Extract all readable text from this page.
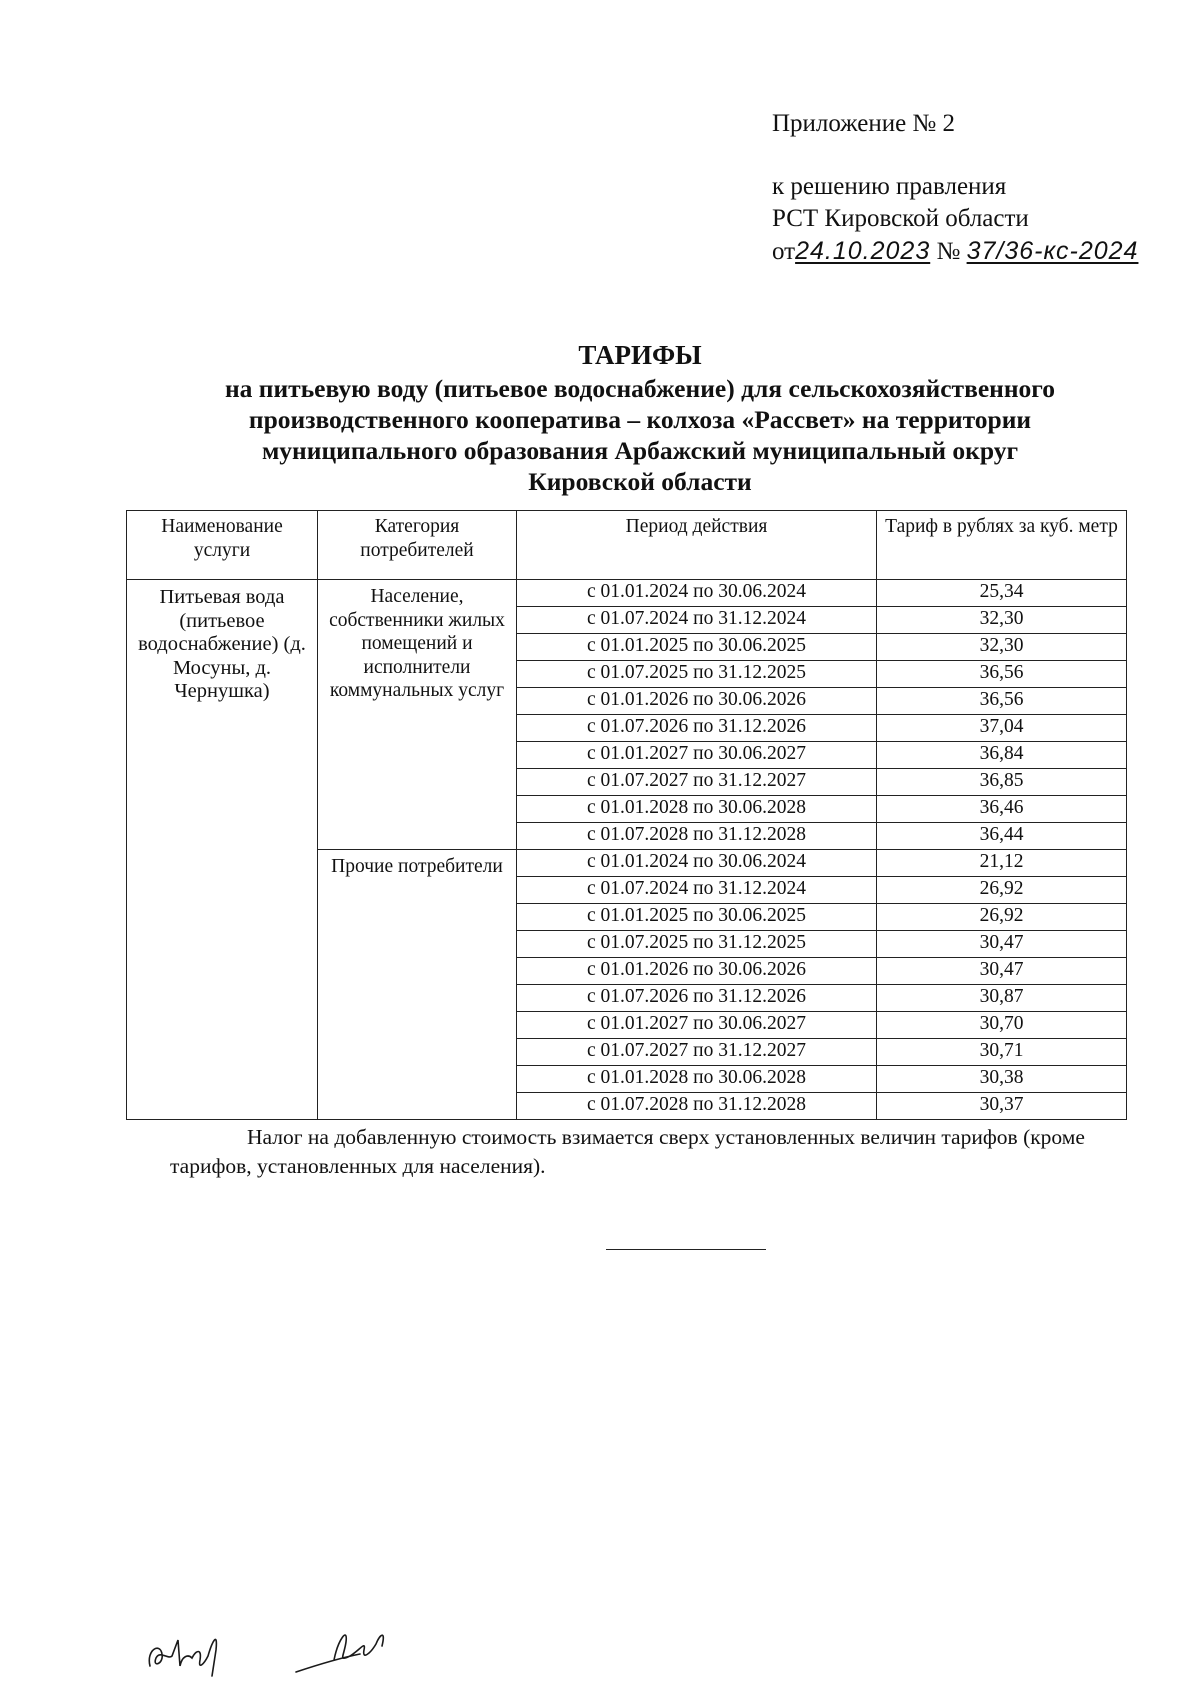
Приложение № 2
к решению правления
РСТ Кировской области
от24.10.2023 № 37/36-кс-2024
ТАРИФЫ
на питьевую воду (питьевое водоснабжение) для сельскохозяйственного
производственного кооператива – колхоза «Рассвет» на территории
муниципального образования Арбажский муниципальный округ
Кировской области
Наименование услуги	Категория потребителей	Период действия	Тариф в рублях за куб. метр
Питьевая вода (питьевое водоснабжение) (д. Мосуны, д. Чернушка)	Население, собственники жилых помещений и исполнители коммунальных услуг	с 01.01.2024 по 30.06.2024	25,34
		с 01.07.2024 по 31.12.2024	32,30
		с 01.01.2025 по 30.06.2025	32,30
		с 01.07.2025 по 31.12.2025	36,56
		с 01.01.2026 по 30.06.2026	36,56
		с 01.07.2026 по 31.12.2026	37,04
		с 01.01.2027 по 30.06.2027	36,84
		с 01.07.2027 по 31.12.2027	36,85
		с 01.01.2028 по 30.06.2028	36,46
		с 01.07.2028 по 31.12.2028	36,44
	Прочие потребители	с 01.01.2024 по 30.06.2024	21,12
		с 01.07.2024 по 31.12.2024	26,92
		с 01.01.2025 по 30.06.2025	26,92
		с 01.07.2025 по 31.12.2025	30,47
		с 01.01.2026 по 30.06.2026	30,47
		с 01.07.2026 по 31.12.2026	30,87
		с 01.01.2027 по 30.06.2027	30,70
		с 01.07.2027 по 31.12.2027	30,71
		с 01.01.2028 по 30.06.2028	30,38
		с 01.07.2028 по 31.12.2028	30,37
Налог на добавленную стоимость взимается сверх установленных величин тарифов (кроме тарифов, установленных для населения).
